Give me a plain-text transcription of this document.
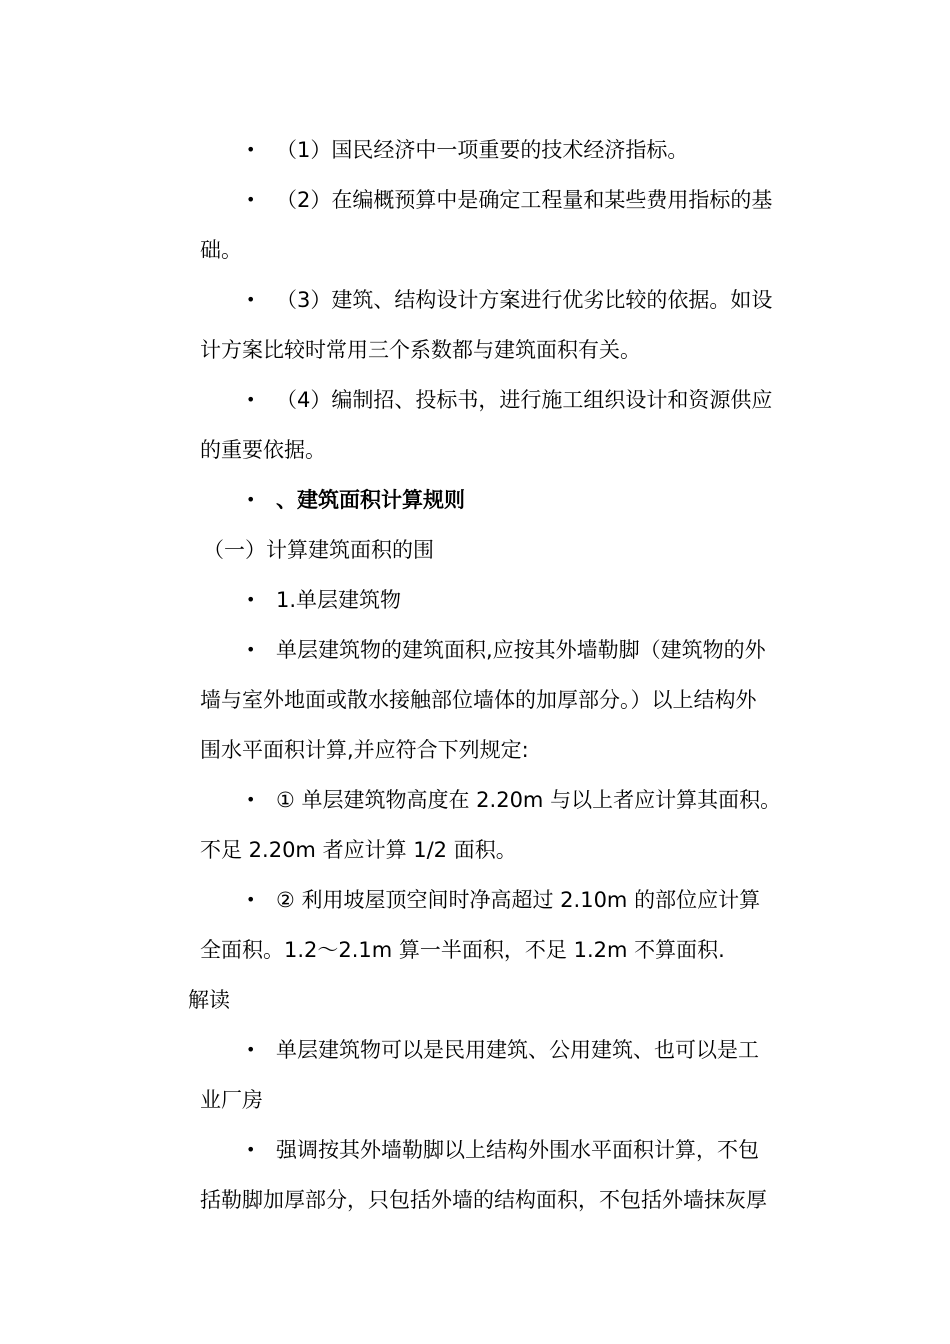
• （1）国民经济中一项重要的技术经济指标。
• （2）在编概预算中是确定工程量和某些费用指标的基
础。
• （3）建筑、结构设计方案进行优劣比较的依据。如设
计方案比较时常用三个系数都与建筑面积有关。
• （4）编制招、投标书，进行施工组织设计和资源供应
的重要依据。
• 、建筑面积计算规则
（一）计算建筑面积的围
• 1.单层建筑物
• 单层建筑物的建筑面积,应按其外墙勒脚（建筑物的外
墙与室外地面或散水接触部位墙体的加厚部分。）以上结构外
围水平面积计算,并应符合下列规定:
• ① 单层建筑物高度在 2.20m 与以上者应计算其面积。
不足 2.20m 者应计算 1/2 面积。
• ② 利用坡屋顶空间时净高超过 2.10m 的部位应计算
全面积。1.2～2.1m 算一半面积，不足 1.2m 不算面积.
解读
• 单层建筑物可以是民用建筑、公用建筑、也可以是工
业厂房
• 强调按其外墙勒脚以上结构外围水平面积计算，不包
括勒脚加厚部分，只包括外墙的结构面积，不包括外墙抹灰厚
